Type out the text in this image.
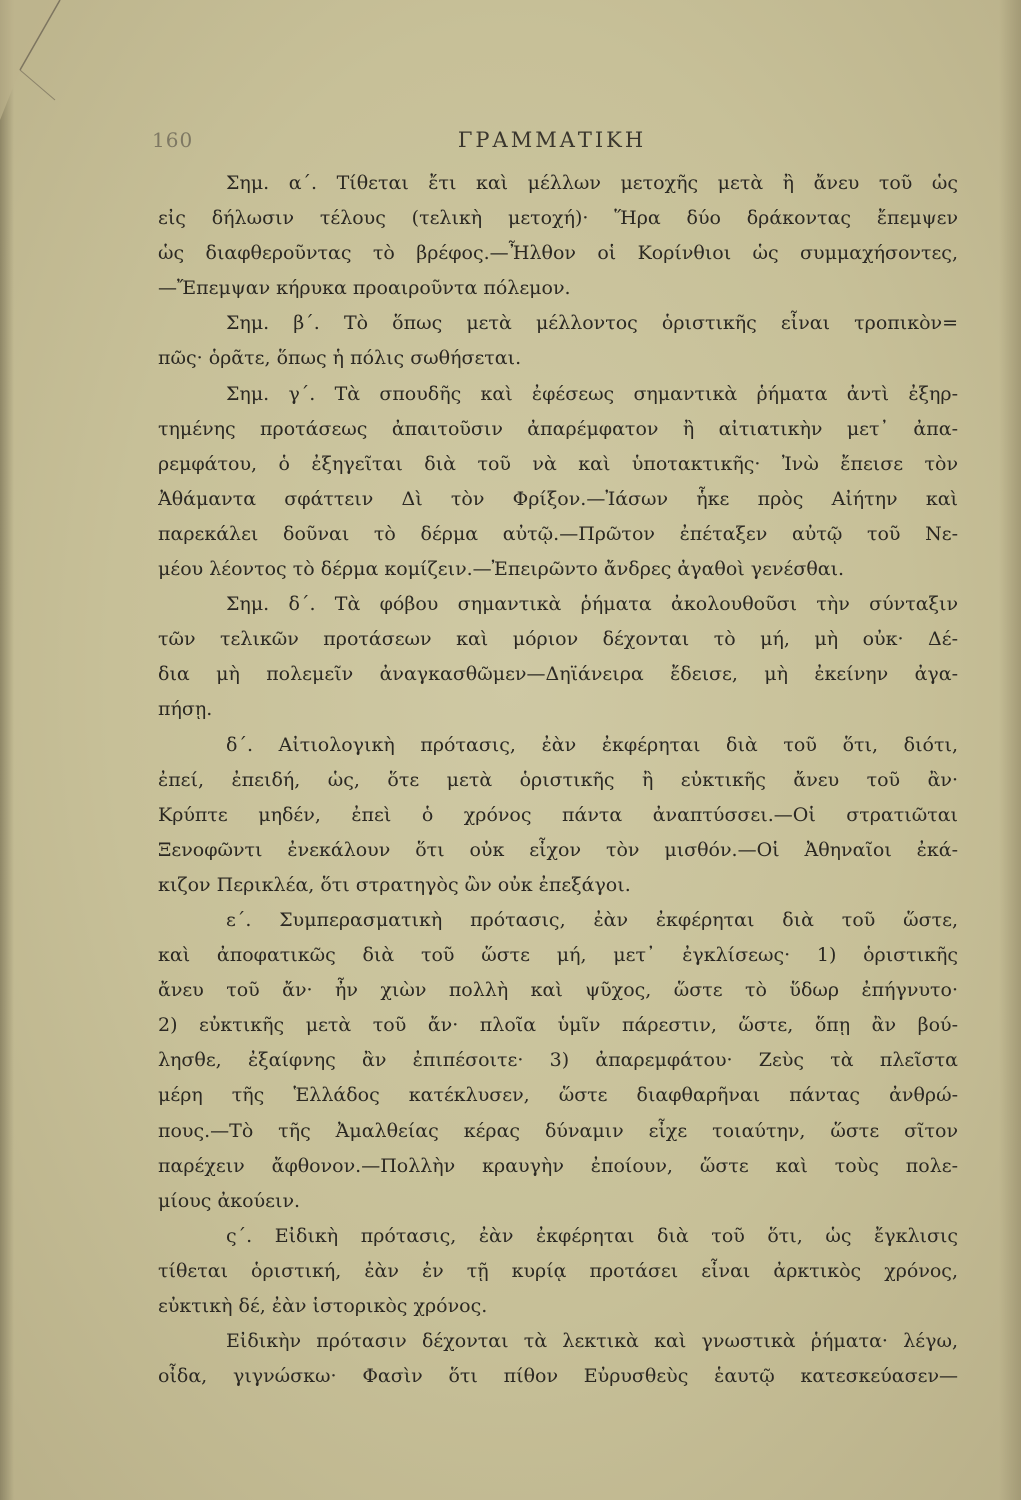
160	ΓΡΑΜΜΑΤΙΚΗ
Σημ. α΄. Τίθεται ἔτι καὶ μέλλων μετοχῆς μετὰ ἢ ἄνευ τοῦ ὡς
εἰς δήλωσιν τέλους (τελικὴ μετοχή)· Ἥρα δύο δράκοντας ἔπεμψεν
ὡς διαφθεροῦντας τὸ βρέφος.—Ἦλθον οἱ Κορίνθιοι ὡς συμμαχήσοντες,
—Ἔπεμψαν κήρυκα προαιροῦντα πόλεμον.
Σημ. β΄. Τὸ ὅπως μετὰ μέλλοντος ὁριστικῆς εἶναι τροπικὸν=
πῶς· ὁρᾶτε, ὅπως ἡ πόλις σωθήσεται.
Σημ. γ΄. Τὰ σπουδῆς καὶ ἐφέσεως σημαντικὰ ῥήματα ἀντὶ ἐξηρ-
τημένης προτάσεως ἀπαιτοῦσιν ἀπαρέμφατον ἢ αἰτιατικὴν μετ᾽ ἀπα-
ρεμφάτου, ὁ ἐξηγεῖται διὰ τοῦ νὰ καὶ ὑποτακτικῆς· Ἰνὼ ἔπεισε τὸν
Ἀθάμαντα σφάττειν Δὶ τὸν Φρίξον.—Ἰάσων ἧκε πρὸς Αἰήτην καὶ
παρεκάλει δοῦναι τὸ δέρμα αὐτῷ.—Πρῶτον ἐπέταξεν αὐτῷ τοῦ Νε-
μέου λέοντος τὸ δέρμα κομίζειν.—Ἐπειρῶντο ἄνδρες ἀγαθοὶ γενέσθαι.
Σημ. δ΄. Τὰ φόβου σημαντικὰ ῥήματα ἀκολουθοῦσι τὴν σύνταξιν
τῶν τελικῶν προτάσεων καὶ μόριον δέχονται τὸ μή, μὴ οὐκ· Δέ-
δια μὴ πολεμεῖν ἀναγκασθῶμεν—Δηϊάνειρα ἔδεισε, μὴ ἐκείνην ἀγα-
πήσῃ.
δ΄. Αἰτιολογικὴ πρότασις, ἐὰν ἐκφέρηται διὰ τοῦ ὅτι, διότι,
ἐπεί, ἐπειδή, ὡς, ὅτε μετὰ ὁριστικῆς ἢ εὐκτικῆς ἄνευ τοῦ ἂν·
Κρύπτε μηδέν, ἐπεὶ ὁ χρόνος πάντα ἀναπτύσσει.—Οἱ στρατιῶται
Ξενοφῶντι ἐνεκάλουν ὅτι οὐκ εἶχον τὸν μισθόν.—Οἱ Ἀθηναῖοι ἐκά-
κιζον Περικλέα, ὅτι στρατηγὸς ὢν οὐκ ἐπεξάγοι.
ε΄. Συμπερασματικὴ πρότασις, ἐὰν ἐκφέρηται διὰ τοῦ ὥστε,
καὶ ἀποφατικῶς διὰ τοῦ ὥστε μή, μετ᾽ ἐγκλίσεως· 1) ὁριστικῆς
ἄνευ τοῦ ἄν· ἦν χιὼν πολλὴ καὶ ψῦχος, ὥστε τὸ ὕδωρ ἐπήγνυτο·
2) εὐκτικῆς μετὰ τοῦ ἄν· πλοῖα ὑμῖν πάρεστιν, ὥστε, ὅπῃ ἂν βού-
λησθε, ἐξαίφνης ἂν ἐπιπέσοιτε· 3) ἀπαρεμφάτου· Ζεὺς τὰ πλεῖστα
μέρη τῆς Ἑλλάδος κατέκλυσεν, ὥστε διαφθαρῆναι πάντας ἀνθρώ-
πους.—Τὸ τῆς Ἀμαλθείας κέρας δύναμιν εἶχε τοιαύτην, ὥστε σῖτον
παρέχειν ἄφθονον.—Πολλὴν κραυγὴν ἐποίουν, ὥστε καὶ τοὺς πολε-
μίους ἀκούειν.
ς΄. Εἰδικὴ πρότασις, ἐὰν ἐκφέρηται διὰ τοῦ ὅτι, ὡς ἔγκλισις
τίθεται ὁριστική, ἐὰν ἐν τῇ κυρίᾳ προτάσει εἶναι ἀρκτικὸς χρόνος,
εὐκτικὴ δέ, ἐὰν ἱστορικὸς χρόνος.
Εἰδικὴν πρότασιν δέχονται τὰ λεκτικὰ καὶ γνωστικὰ ῥήματα· λέγω,
οἶδα, γιγνώσκω· Φασὶν ὅτι πίθον Εὐρυσθεὺς ἑαυτῷ κατεσκεύασεν—
